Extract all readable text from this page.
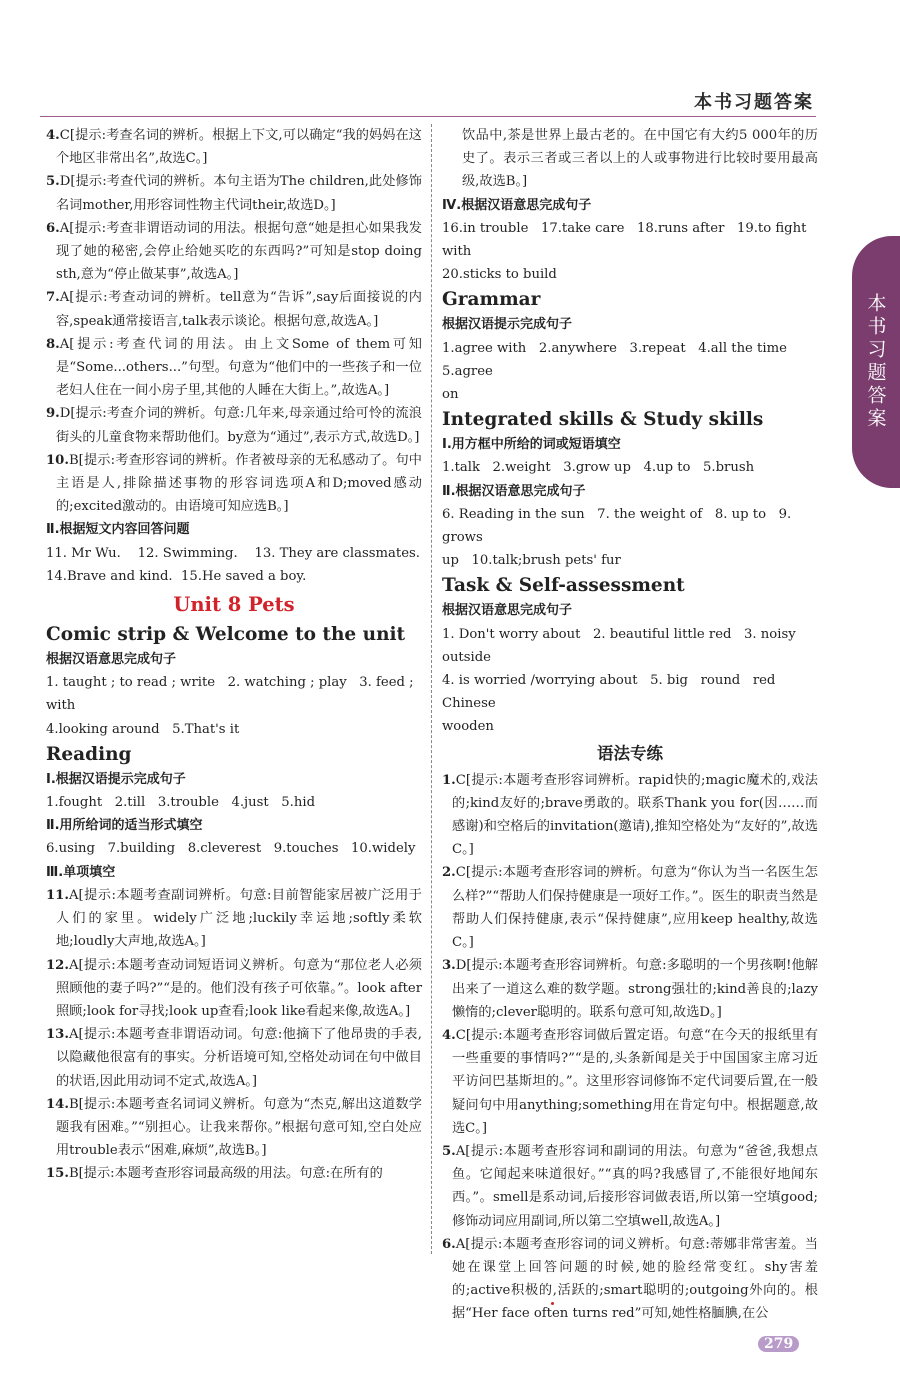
本书习题答案
本书习题答案

4.C[提示:考查名词的辨析。根据上下文,可以确定“我的妈妈在这个地区非常出名”,故选C。]

5.D[提示:考查代词的辨析。本句主语为The children,此处修饰名词mother,用形容词性物主代词their,故选D。]

6.A[提示:考查非谓语动词的用法。根据句意“她是担心如果我发现了她的秘密,会停止给她买吃的东西吗?”可知是stop doing sth,意为“停止做某事”,故选A。]

7.A[提示:考查动词的辨析。tell意为“告诉”,say后面接说的内容,speak通常接语言,talk表示谈论。根据句意,故选A。]

8.A[提示:考查代词的用法。由上文Some of them可知是“Some...others...”句型。句意为“他们中的一些孩子和一位老妇人住在一间小房子里,其他的人睡在大街上。”,故选A。]

9.D[提示:考查介词的辨析。句意:几年来,母亲通过给可怜的流浪街头的儿童食物来帮助他们。by意为“通过”,表示方式,故选D。]

10.B[提示:考查形容词的辨析。作者被母亲的无私感动了。句中主语是人,排除描述事物的形容词选项A和D;moved感动的;excited激动的。由语境可知应选B。]

Ⅱ.根据短文内容回答问题

11. Mr Wu.    12. Swimming.    13. They are classmates.

14.Brave and kind.  15.He saved a boy.

Unit 8 Pets
Comic strip & Welcome to the unit

根据汉语意思完成句子

1. taught ; to read ; write   2. watching ; play   3. feed ; with

4.looking around   5.That's it

Reading

Ⅰ.根据汉语提示完成句子

1.fought   2.till   3.trouble   4.just   5.hid

Ⅱ.用所给词的适当形式填空

6.using   7.building   8.cleverest   9.touches   10.widely

Ⅲ.单项填空

11.A[提示:本题考查副词辨析。句意:目前智能家居被广泛用于人们的家里。widely广泛地;luckily幸运地;softly柔软地;loudly大声地,故选A。]

12.A[提示:本题考查动词短语词义辨析。句意为“那位老人必须照顾他的妻子吗?”“是的。他们没有孩子可依靠。”。look after照顾;look for寻找;look up查看;look like看起来像,故选A。]

13.A[提示:本题考查非谓语动词。句意:他摘下了他昂贵的手表,以隐藏他很富有的事实。分析语境可知,空格处动词在句中做目的状语,因此用动词不定式,故选A。]

14.B[提示:本题考查名词词义辨析。句意为“杰克,解出这道数学题我有困难。”“别担心。让我来帮你。”根据句意可知,空白处应用trouble表示“困难,麻烦”,故选B。]

15.B[提示:本题考查形容词最高级的用法。句意:在所有的

饮品中,茶是世界上最古老的。在中国它有大约5 000年的历史了。表示三者或三者以上的人或事物进行比较时要用最高级,故选B。]

Ⅳ.根据汉语意思完成句子

16.in trouble   17.take care   18.runs after   19.to fight with

20.sticks to build

Grammar

根据汉语提示完成句子

1.agree with   2.anywhere   3.repeat   4.all the time   5.agree

on

Integrated skills & Study skills

Ⅰ.用方框中所给的词或短语填空

1.talk   2.weight   3.grow up   4.up to   5.brush

Ⅱ.根据汉语意思完成句子

6. Reading in the sun   7. the weight of   8. up to   9. grows

up   10.talk;brush pets' fur

Task & Self-assessment

根据汉语意思完成句子

1. Don't worry about   2. beautiful little red   3. noisy outside

4. is worried /worrying about   5. big   round   red   Chinese

wooden

语法专练

1.C[提示:本题考查形容词辨析。rapid快的;magic魔术的,戏法的;kind友好的;brave勇敢的。联系Thank you for(因……而感谢)和空格后的invitation(邀请),推知空格处为“友好的”,故选C。]

2.C[提示:本题考查形容词的辨析。句意为“你认为当一名医生怎么样?”“帮助人们保持健康是一项好工作。”。医生的职责当然是帮助人们保持健康,表示“保持健康”,应用keep healthy,故选C。]

3.D[提示:本题考查形容词辨析。句意:多聪明的一个男孩啊!他解出来了一道这么难的数学题。strong强壮的;kind善良的;lazy懒惰的;clever聪明的。联系句意可知,故选D。]

4.C[提示:本题考查形容词做后置定语。句意“在今天的报纸里有一些重要的事情吗?”“是的,头条新闻是关于中国国家主席习近平访问巴基斯坦的。”。这里形容词修饰不定代词要后置,在一般疑问句中用anything;something用在肯定句中。根据题意,故选C。]

5.A[提示:本题考查形容词和副词的用法。句意为“爸爸,我想点鱼。它闻起来味道很好。”“真的吗?我感冒了,不能很好地闻东西。”。smell是系动词,后接形容词做表语,所以第一空填good;修饰动词应用副词,所以第二空填well,故选A。]

6.A[提示:本题考查形容词的词义辨析。句意:蒂娜非常害羞。当她在课堂上回答问题的时候,她的脸经常变红。shy害羞的;active积极的,活跃的;smart聪明的;outgoing外向的。根据“Her face often turns red”可知,她性格腼腆,在公

279
